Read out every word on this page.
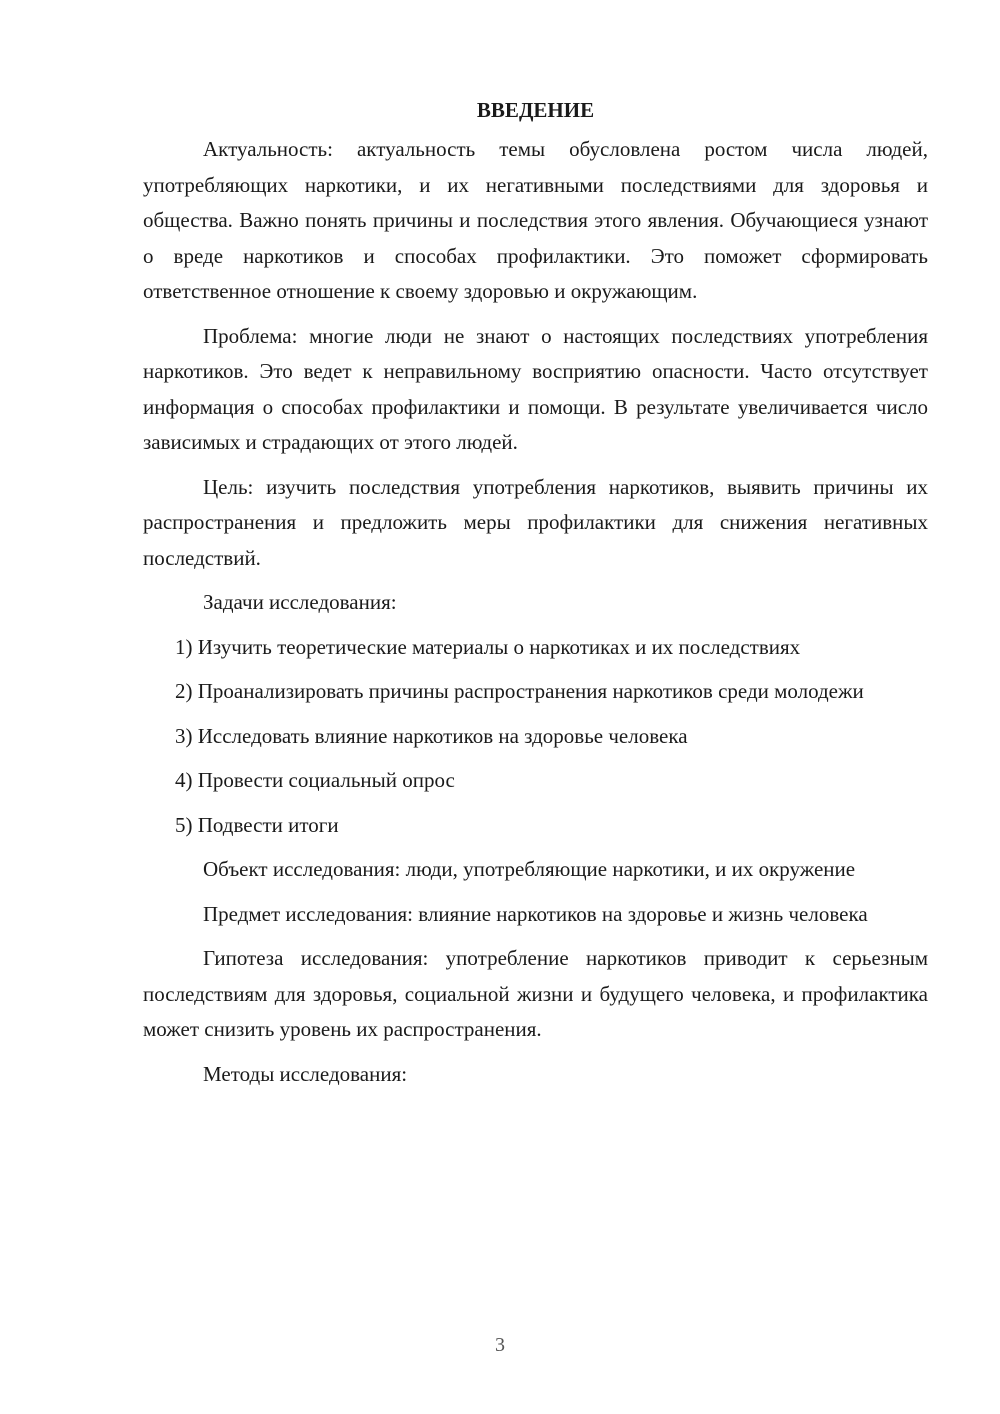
ВВЕДЕНИЕ

Актуальность: актуальность темы обусловлена ростом числа людей, употребляющих наркотики, и их негативными последствиями для здоровья и общества. Важно понять причины и последствия этого явления. Обучающиеся узнают о вреде наркотиков и способах профилактики. Это поможет сформировать ответственное отношение к своему здоровью и окружающим.

Проблема: многие люди не знают о настоящих последствиях употребления наркотиков. Это ведет к неправильному восприятию опасности. Часто отсутствует информация о способах профилактики и помощи. В результате увеличивается число зависимых и страдающих от этого людей.

Цель: изучить последствия употребления наркотиков, выявить причины их распространения и предложить меры профилактики для снижения негативных последствий.

Задачи исследования:

1) Изучить теоретические материалы о наркотиках и их последствиях

2) Проанализировать причины распространения наркотиков среди молодежи

3) Исследовать влияние наркотиков на здоровье человека

4) Провести социальный опрос

5) Подвести итоги

Объект исследования: люди, употребляющие наркотики, и их окружение

Предмет исследования: влияние наркотиков на здоровье и жизнь человека

Гипотеза исследования: употребление наркотиков приводит к серьезным последствиям для здоровья, социальной жизни и будущего человека, и профилактика может снизить уровень их распространения.

Методы исследования:

3
